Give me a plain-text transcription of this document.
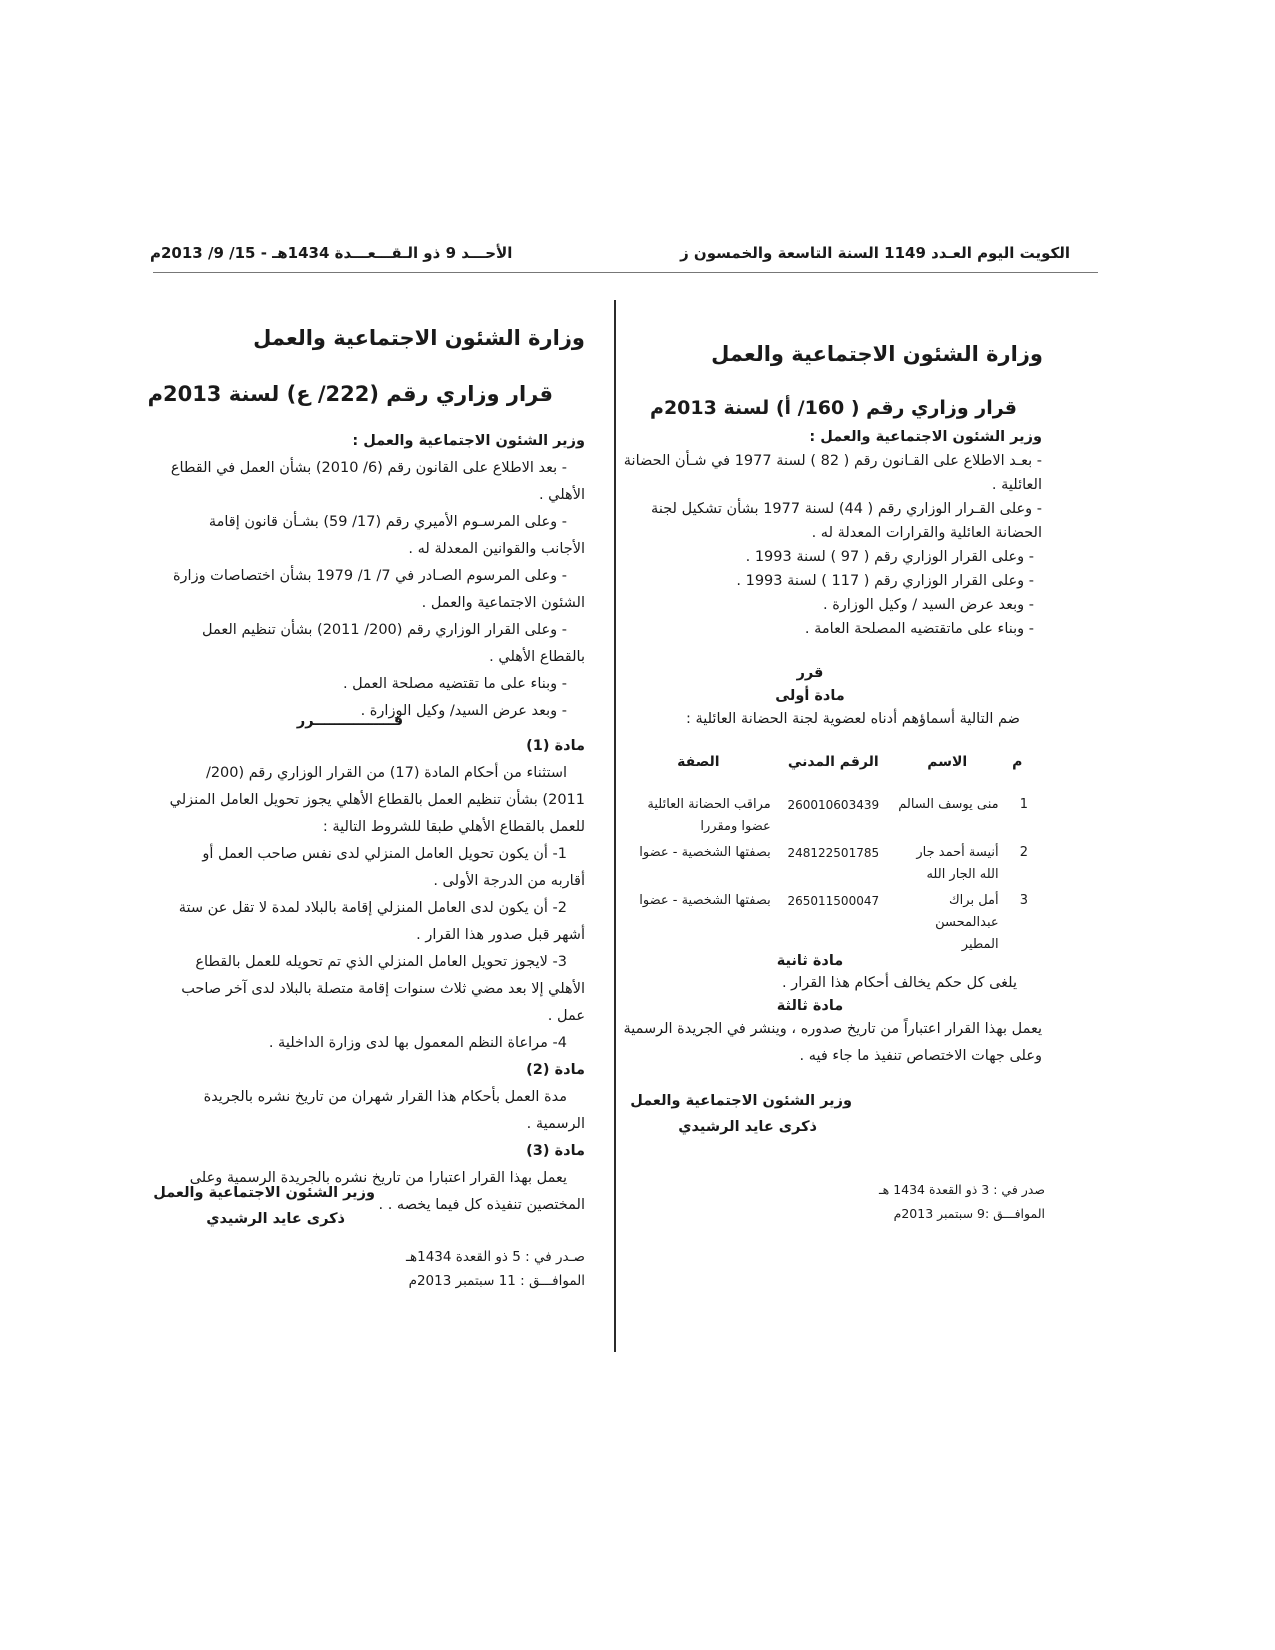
الأحـــد 9 ذو الـقـــعـــدة 1434هـ - 15/ 9/ 2013م	الكويت اليوم العـدد 1149 السنة التاسعة والخمسون ز
وزارة الشئون الاجتماعية والعمل
قرار وزاري رقم ( 160/ أ) لسنة 2013م

وزير الشئون الاجتماعية والعمل :

- بعـد الاطلاع على القـانون رقم ( 82 ) لسنة 1977 في شـأن الحضانة العائلية .

- وعلى القـرار الوزاري رقم ( 44) لسنة 1977 بشأن تشكيل لجنة الحضانة العائلية والقرارات المعدلة له .

- وعلى القرار الوزاري رقم ( 97 ) لسنة 1993 .

- وعلى القرار الوزاري رقم ( 117 ) لسنة 1993 .

- وبعد عرض السيد / وكيل الوزارة .

- وبناء على ماتقتضيه المصلحة العامة .

قرر
مادة أولى
ضم التالية أسماؤهم أدناه لعضوية لجنة الحضانة العائلية :
م	الاسم	الرقم المدني	الصفة
1	منى يوسف السالم	260010603439	مراقب الحضانة العائلية عضوا ومقررا
2	أنيسة أحمد جار الله الجار الله	248122501785	بصفتها الشخصية - عضوا
3	أمل براك عبدالمحسن المطير	265011500047	بصفتها الشخصية - عضوا
مادة ثانية
يلغى كل حكم يخالف أحكام هذا القرار .
مادة ثالثة
يعمل بهذا القرار اعتباراً من تاريخ صدوره ، وينشر في الجريدة الرسمية وعلى جهات الاختصاص تنفيذ ما جاء فيه .
وزير الشئون الاجتماعية والعمل
ذكرى عايد الرشيدي
صدر في : 3 ذو القعدة 1434 هـ
الموافـــق :9 سبتمبر 2013م
وزارة الشئون الاجتماعية والعمل
قرار وزاري رقم (222/ ع) لسنة 2013م

وزير الشئون الاجتماعية والعمل :

- بعد الاطلاع على القانون رقم (6/ 2010) بشأن العمل في القطاع الأهلي .

- وعلى المرسـوم الأميري رقم (17/ 59) بشـأن قانون إقامة الأجانب والقوانين المعدلة له .

- وعلى المرسوم الصـادر في 7/ 1/ 1979 بشأن اختصاصات وزارة الشئون الاجتماعية والعمل .

- وعلى القرار الوزاري رقم (200/ 2011) بشأن تنظيم العمل بالقطاع الأهلي .

- وبناء على ما تقتضيه مصلحة العمل .

- وبعد عرض السيد/ وكيل الوزارة .

قــــــــــــــــرر

مادة (1)

استثناء من أحكام المادة (17) من القرار الوزاري رقم (200/ 2011) بشأن تنظيم العمل بالقطاع الأهلي يجوز تحويل العامل المنزلي للعمل بالقطاع الأهلي طبقا للشروط التالية :

1- أن يكون تحويل العامل المنزلي لدى نفس صاحب العمل أو أقاربه من الدرجة الأولى .

2- أن يكون لدى العامل المنزلي إقامة بالبلاد لمدة لا تقل عن ستة أشهر قبل صدور هذا القرار .

3- لايجوز تحويل العامل المنزلي الذي تم تحويله للعمل بالقطاع الأهلي إلا بعد مضي ثلاث سنوات إقامة متصلة بالبلاد لدى آخر صاحب عمل .

4- مراعاة النظم المعمول بها لدى وزارة الداخلية .

مادة (2)

مدة العمل بأحكام هذا القرار شهران من تاريخ نشره بالجريدة الرسمية .

مادة (3)

يعمل بهذا القرار اعتبارا من تاريخ نشره بالجريدة الرسمية وعلى المختصين تنفيذه كل فيما يخصه . .

وزير الشئون الاجتماعية والعمل
ذكرى عايد الرشيدي
صـدر في : 5 ذو القعدة 1434هـ
الموافـــق : 11 سبتمبر 2013م
